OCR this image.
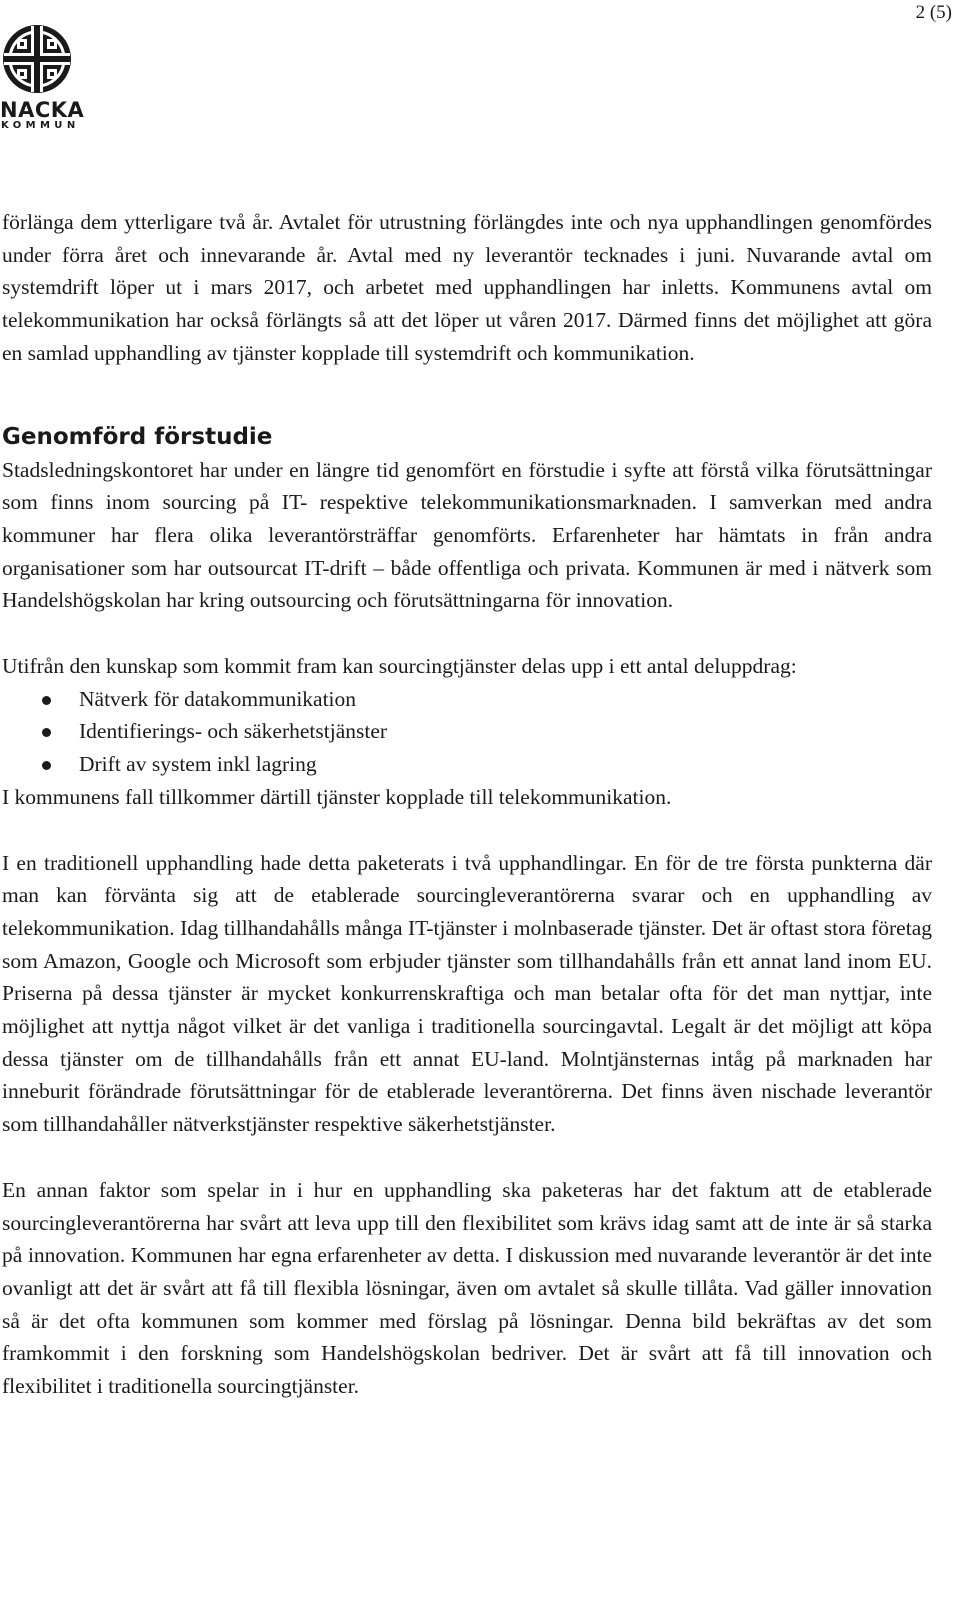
2 (5)
NACKA
KOMMUN

förlänga dem ytterligare två år. Avtalet för utrustning förlängdes inte och nya upphandlingen genomfördes under förra året och innevarande år. Avtal med ny leverantör tecknades i juni. Nuvarande avtal om systemdrift löper ut i mars 2017, och arbetet med upphandlingen har inletts. Kommunens avtal om telekommunikation har också förlängts så att det löper ut våren 2017. Därmed finns det möjlighet att göra en samlad upphandling av tjänster kopplade till systemdrift och kommunikation.

Genomförd förstudie

Stadsledningskontoret har under en längre tid genomfört en förstudie i syfte att förstå vilka förutsättningar som finns inom sourcing på IT- respektive telekommunikationsmarknaden. I samverkan med andra kommuner har flera olika leverantörsträffar genomförts. Erfarenheter har hämtats in från andra organisationer som har outsourcat IT-drift – både offentliga och privata. Kommunen är med i nätverk som Handelshögskolan har kring outsourcing och förutsättningarna för innovation.

Utifrån den kunskap som kommit fram kan sourcingtjänster delas upp i ett antal deluppdrag:

Nätverk för datakommunikation
Identifierings- och säkerhetstjänster
Drift av system inkl lagring

I kommunens fall tillkommer därtill tjänster kopplade till telekommunikation.

I en traditionell upphandling hade detta paketerats i två upphandlingar. En för de tre första punkterna där man kan förvänta sig att de etablerade sourcingleverantörerna svarar och en upphandling av telekommunikation. Idag tillhandahålls många IT-tjänster i molnbaserade tjänster. Det är oftast stora företag som Amazon, Google och Microsoft som erbjuder tjänster som tillhandahålls från ett annat land inom EU. Priserna på dessa tjänster är mycket konkurrenskraftiga och man betalar ofta för det man nyttjar, inte möjlighet att nyttja något vilket är det vanliga i traditionella sourcingavtal. Legalt är det möjligt att köpa dessa tjänster om de tillhandahålls från ett annat EU-land. Molntjänsternas intåg på marknaden har inneburit förändrade förutsättningar för de etablerade leverantörerna. Det finns även nischade leverantör som tillhandahåller nätverkstjänster respektive säkerhetstjänster.

En annan faktor som spelar in i hur en upphandling ska paketeras har det faktum att de etablerade sourcingleverantörerna har svårt att leva upp till den flexibilitet som krävs idag samt att de inte är så starka på innovation. Kommunen har egna erfarenheter av detta. I diskussion med nuvarande leverantör är det inte ovanligt att det är svårt att få till flexibla lösningar, även om avtalet så skulle tillåta. Vad gäller innovation så är det ofta kommunen som kommer med förslag på lösningar. Denna bild bekräftas av det som framkommit i den forskning som Handelshögskolan bedriver. Det är svårt att få till innovation och flexibilitet i traditionella sourcingtjänster.
